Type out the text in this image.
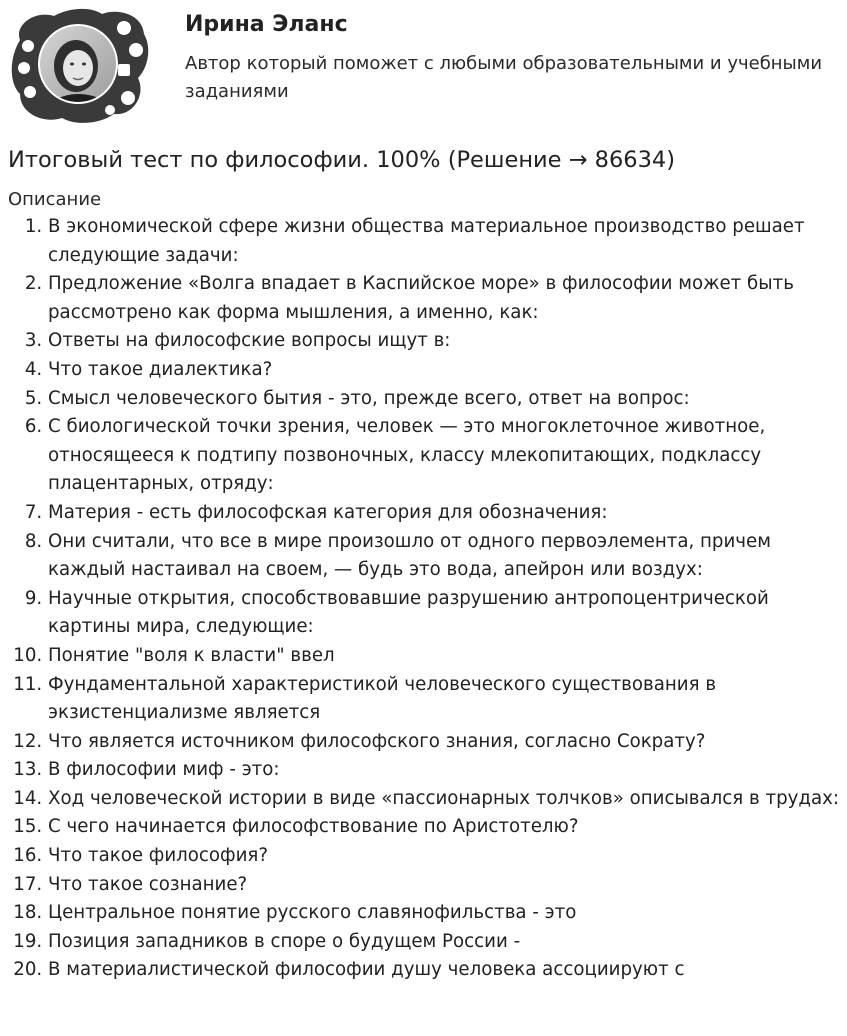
Ирина Эланс
Автор который поможет с любыми образовательными и учебными заданиями
Итоговый тест по философии. 100% (Решение → 86634)
Описание
1. В экономической сфере жизни общества материальное производство решает следующие задачи:
2. Предложение «Волга впадает в Каспийское море» в философии может быть рассмотрено как форма мышления, а именно, как:
3. Ответы на философские вопросы ищут в:
4. Что такое диалектика?
5. Смысл человеческого бытия - это, прежде всего, ответ на вопрос:
6. С биологической точки зрения, человек — это многоклеточное животное, относящееся к подтипу позвоночных, классу млекопитающих, подклассу плацентарных, отряду:
7. Материя - есть философская категория для обозначения:
8. Они считали, что все в мире произошло от одного первоэлемента, причем каждый настаивал на своем, — будь это вода, апейрон или воздух:
9. Научные открытия, способствовавшие разрушению антропоцентрической картины мира, следующие:
10. Понятие "воля к власти" ввел
11. Фундаментальной характеристикой человеческого существования в экзистенциализме является
12. Что является источником философского знания, согласно Сократу?
13. В философии миф - это:
14. Ход человеческой истории в виде «пассионарных толчков» описывался в трудах:
15. С чего начинается философствование по Аристотелю?
16. Что такое философия?
17. Что такое сознание?
18. Центральное понятие русского славянофильства - это
19. Позиция западников в споре о будущем России -
20. В материалистической философии душу человека ассоциируют с
